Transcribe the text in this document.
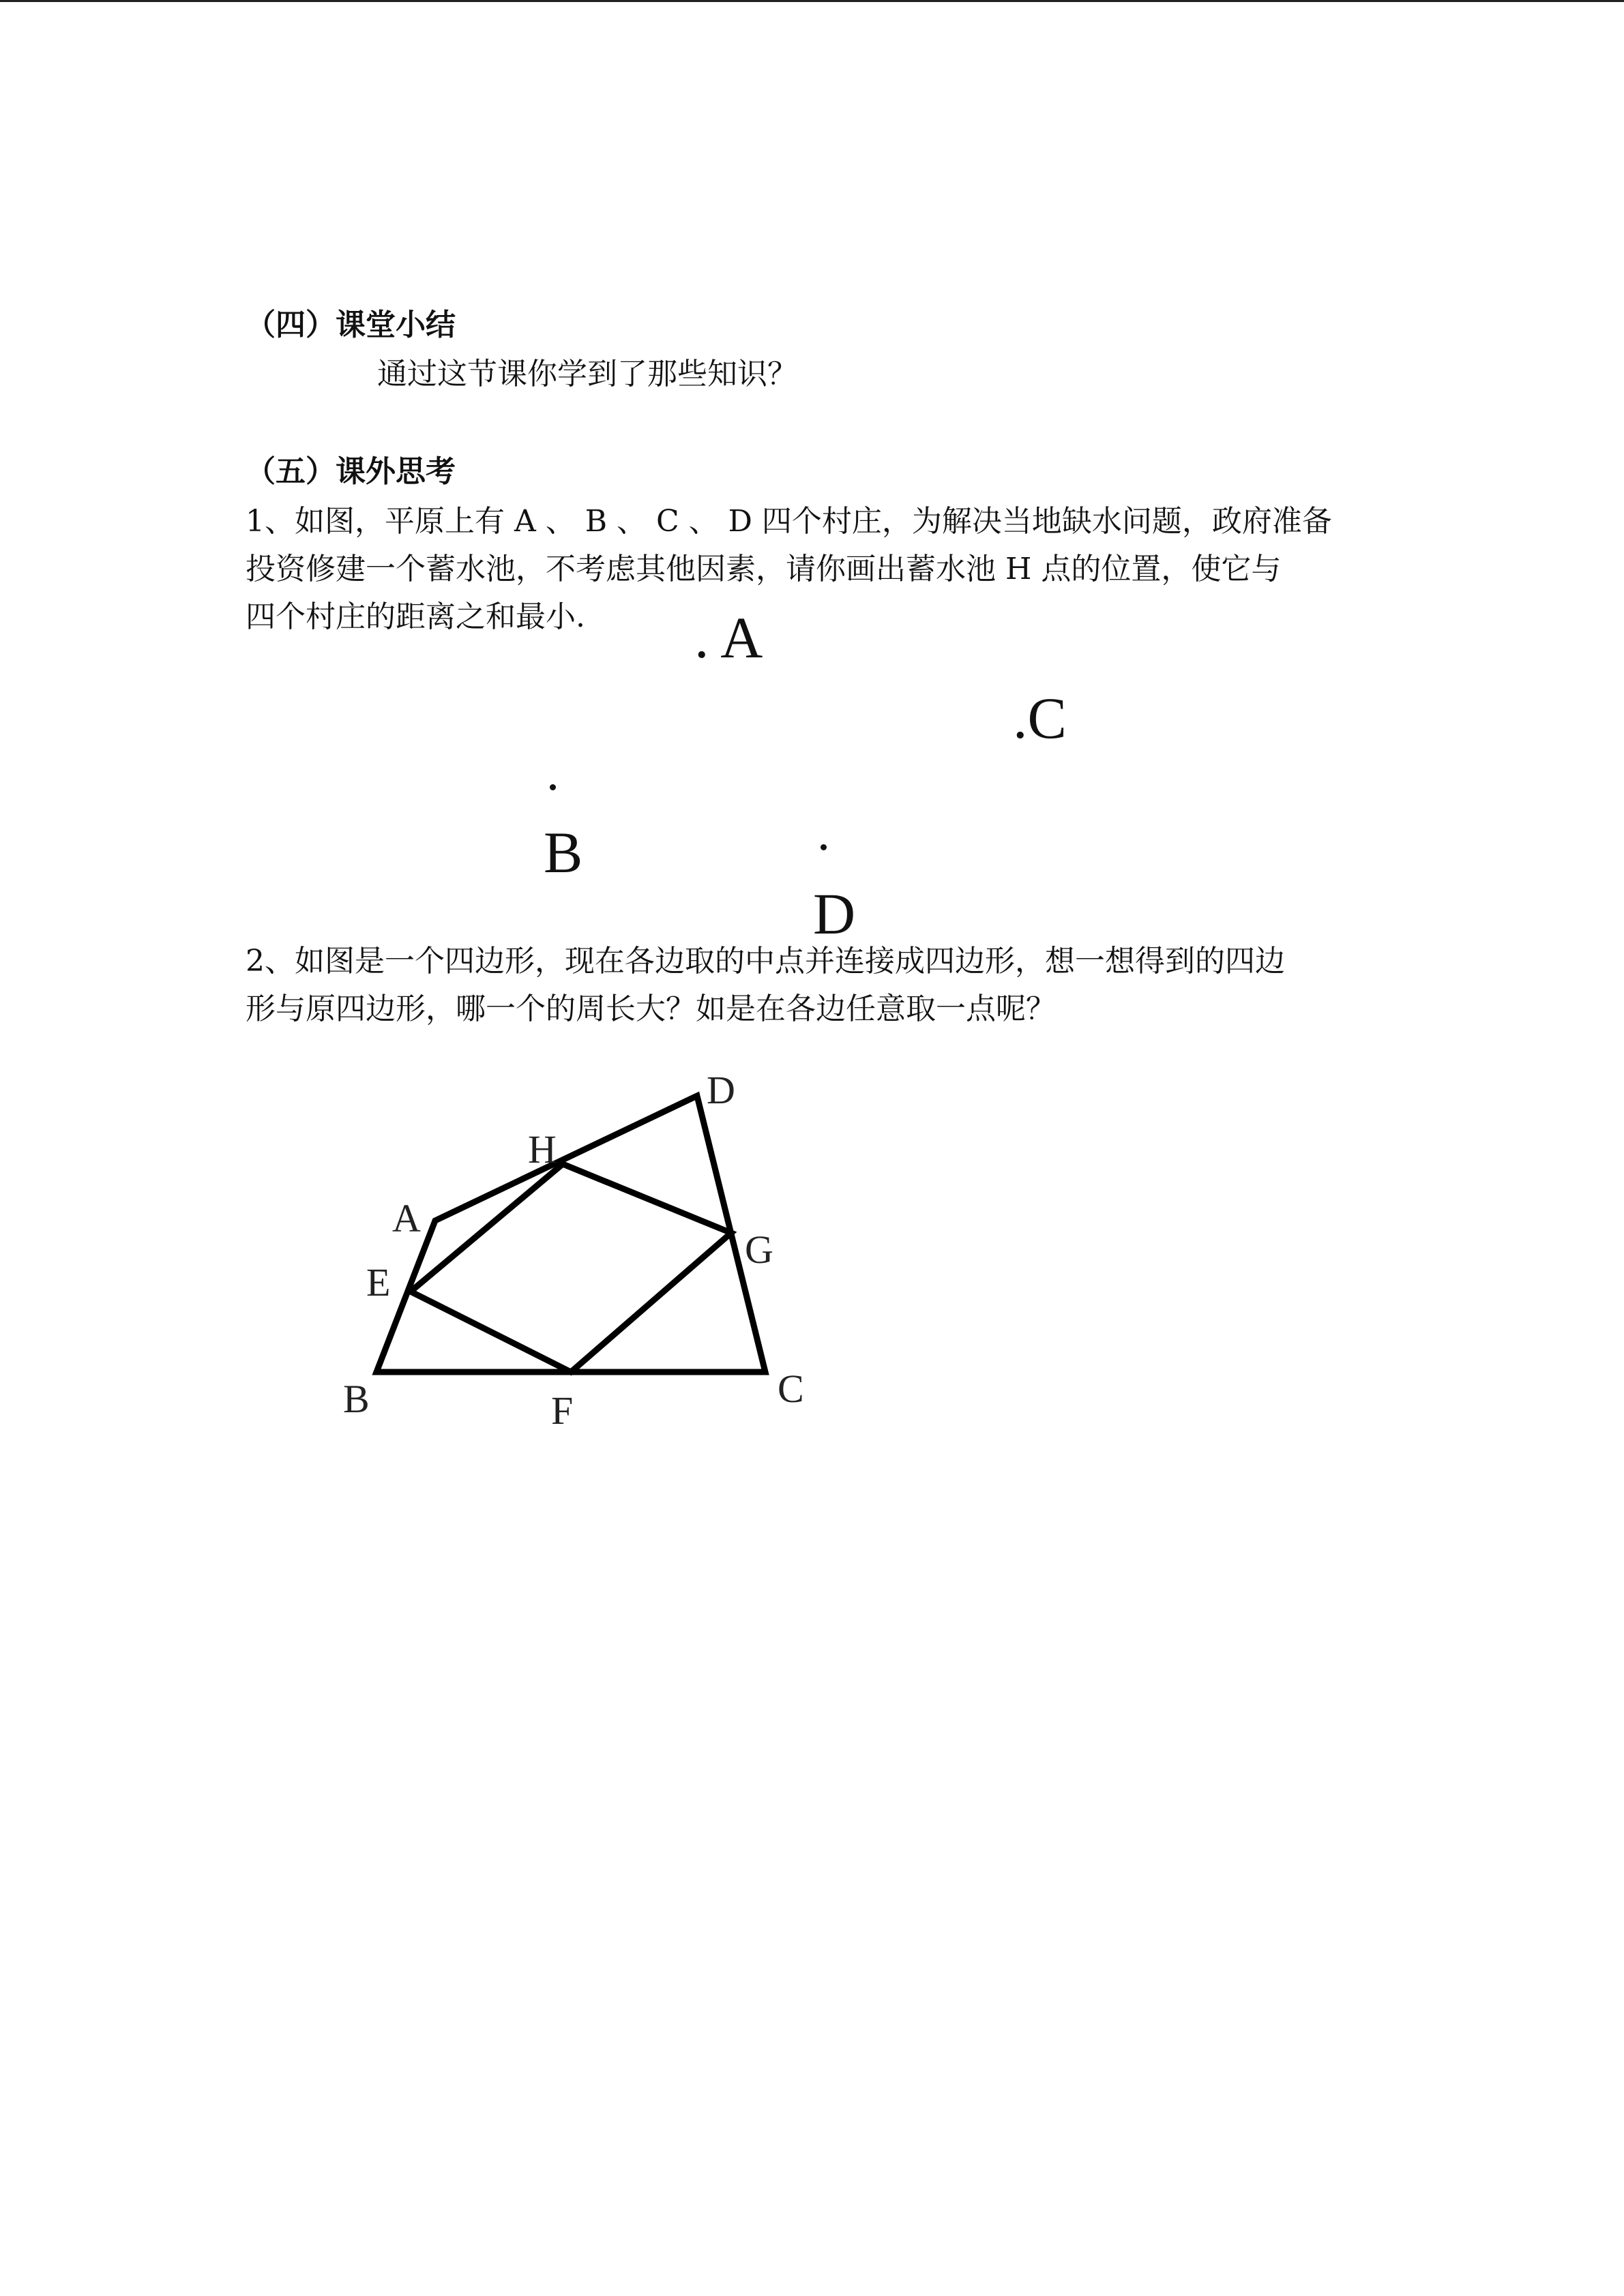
（四）课堂小结
通过这节课你学到了那些知识？
（五）课外思考
1、如图，平原上有 A 、 B 、 C 、 D 四个村庄，为解决当地缺水问题，政府准备
投资修建一个蓄水池，不考虑其他因素，请你画出蓄水池 H 点的位置，使它与
四个村庄的距离之和最小. . A
.C
B
D
2、如图是一个四边形，现在各边取的中点并连接成四边形，想一想得到的四边
形与原四边形，哪一个的周长大？如是在各边任意取一点呢？
A
B	C
D
E
F
G
H
